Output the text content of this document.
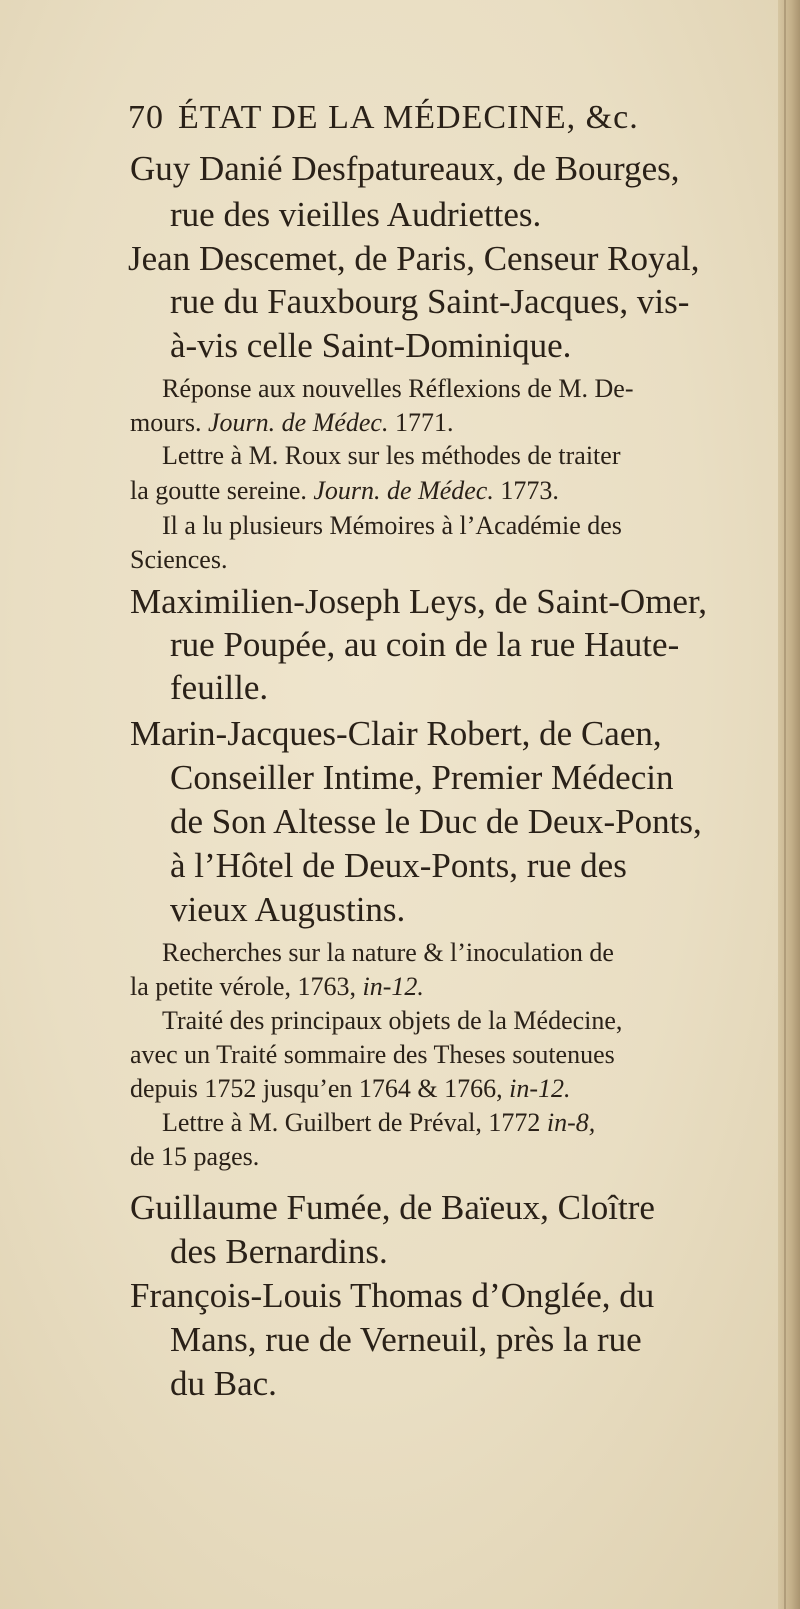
70 ÉTAT DE LA MÉDECINE, &c.
Guy Danié Desfpatureaux, de Bourges,
rue des vieilles Audriettes.
Jean Descemet, de Paris, Censeur Royal,
rue du Fauxbourg Saint-Jacques, vis-
à-vis celle Saint-Dominique.
Réponse aux nouvelles Réflexions de M. De-
mours. Journ. de Médec. 1771.
Lettre à M. Roux sur les méthodes de traiter
la goutte sereine. Journ. de Médec. 1773.
Il a lu plusieurs Mémoires à l’Académie des
Sciences.
Maximilien-Joseph Leys, de Saint-Omer,
rue Poupée, au coin de la rue Haute-
feuille.
Marin-Jacques-Clair Robert, de Caen,
Conseiller Intime, Premier Médecin
de Son Altesse le Duc de Deux-Ponts,
à l’Hôtel de Deux-Ponts, rue des
vieux Augustins.
Recherches sur la nature & l’inoculation de
la petite vérole, 1763, in-12.
Traité des principaux objets de la Médecine,
avec un Traité sommaire des Theses soutenues
depuis 1752 jusqu’en 1764 & 1766, in-12.
Lettre à M. Guilbert de Préval, 1772 in-8,
de 15 pages.
Guillaume Fumée, de Baïeux, Cloître
des Bernardins.
François-Louis Thomas d’Onglée, du
Mans, rue de Verneuil, près la rue
du Bac.
